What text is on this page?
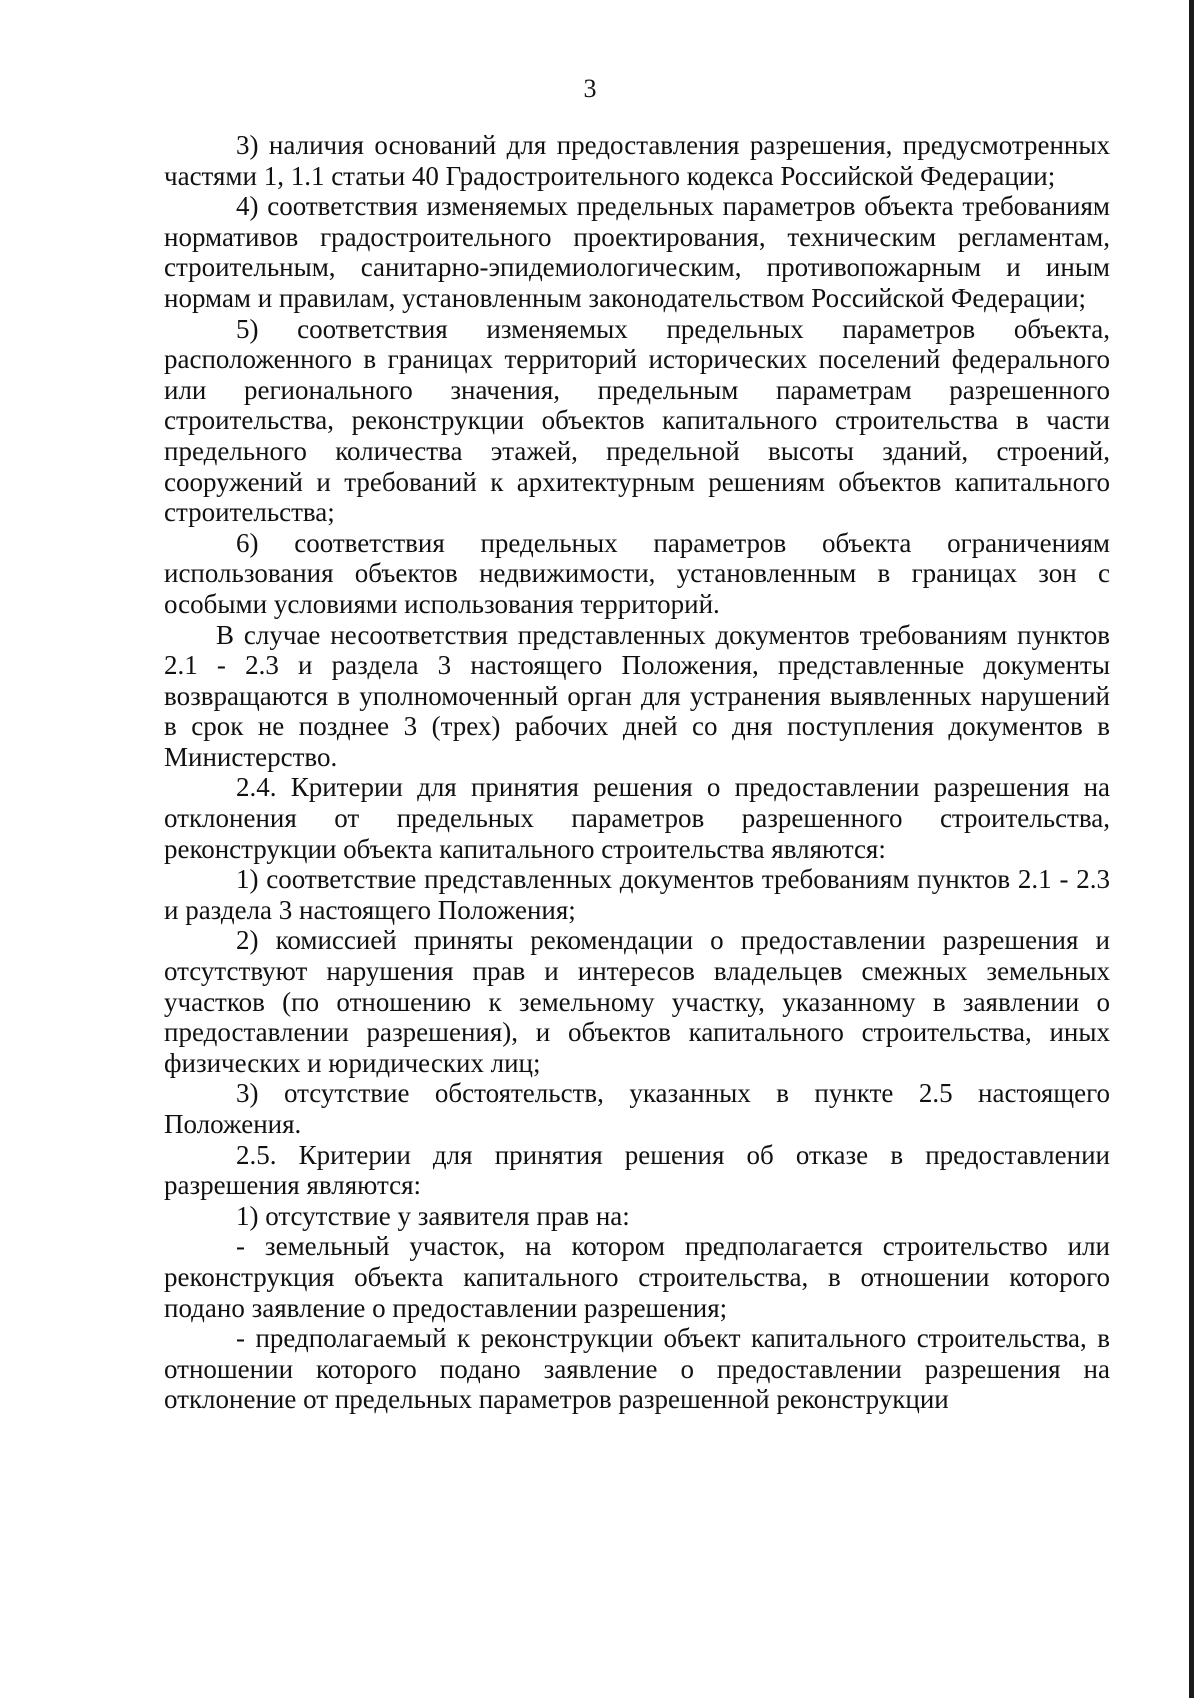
3

3) наличия оснований для предоставления разрешения, предусмотренных частями 1, 1.1 статьи 40 Градостроительного кодекса Российской Федерации;

4) соответствия изменяемых предельных параметров объекта требованиям нормативов градостроительного проектирования, техническим регламентам, строительным, санитарно-эпидемиологическим, противопожарным и иным нормам и правилам, установленным законодательством Российской Федерации;

5) соответствия изменяемых предельных параметров объекта, расположенного в границах территорий исторических поселений федерального или регионального значения, предельным параметрам разрешенного строительства, реконструкции объектов капитального строительства в части предельного количества этажей, предельной высоты зданий, строений, сооружений и требований к архитектурным решениям объектов капитального строительства;

6) соответствия предельных параметров объекта ограничениям использования объектов недвижимости, установленным в границах зон с особыми условиями использования территорий.

В случае несоответствия представленных документов требованиям пунктов 2.1 - 2.3 и раздела 3 настоящего Положения, представленные документы возвращаются в уполномоченный орган для устранения выявленных нарушений в срок не позднее 3 (трех) рабочих дней со дня поступления документов в Министерство.

2.4. Критерии для принятия решения о предоставлении разрешения на отклонения от предельных параметров разрешенного строительства, реконструкции объекта капитального строительства являются:

1) соответствие представленных документов требованиям пунктов 2.1 - 2.3 и раздела 3 настоящего Положения;

2) комиссией приняты рекомендации о предоставлении разрешения и отсутствуют нарушения прав и интересов владельцев смежных земельных участков (по отношению к земельному участку, указанному в заявлении о предоставлении разрешения), и объектов капитального строительства, иных физических и юридических лиц;

3) отсутствие обстоятельств, указанных в пункте 2.5 настоящего Положения.

2.5. Критерии для принятия решения об отказе в предоставлении разрешения являются:

1) отсутствие у заявителя прав на:

- земельный участок, на котором предполагается строительство или реконструкция объекта капитального строительства, в отношении которого подано заявление о предоставлении разрешения;

- предполагаемый к реконструкции объект капитального строительства, в отношении которого подано заявление о предоставлении разрешения на отклонение от предельных параметров разрешенной реконструкции
